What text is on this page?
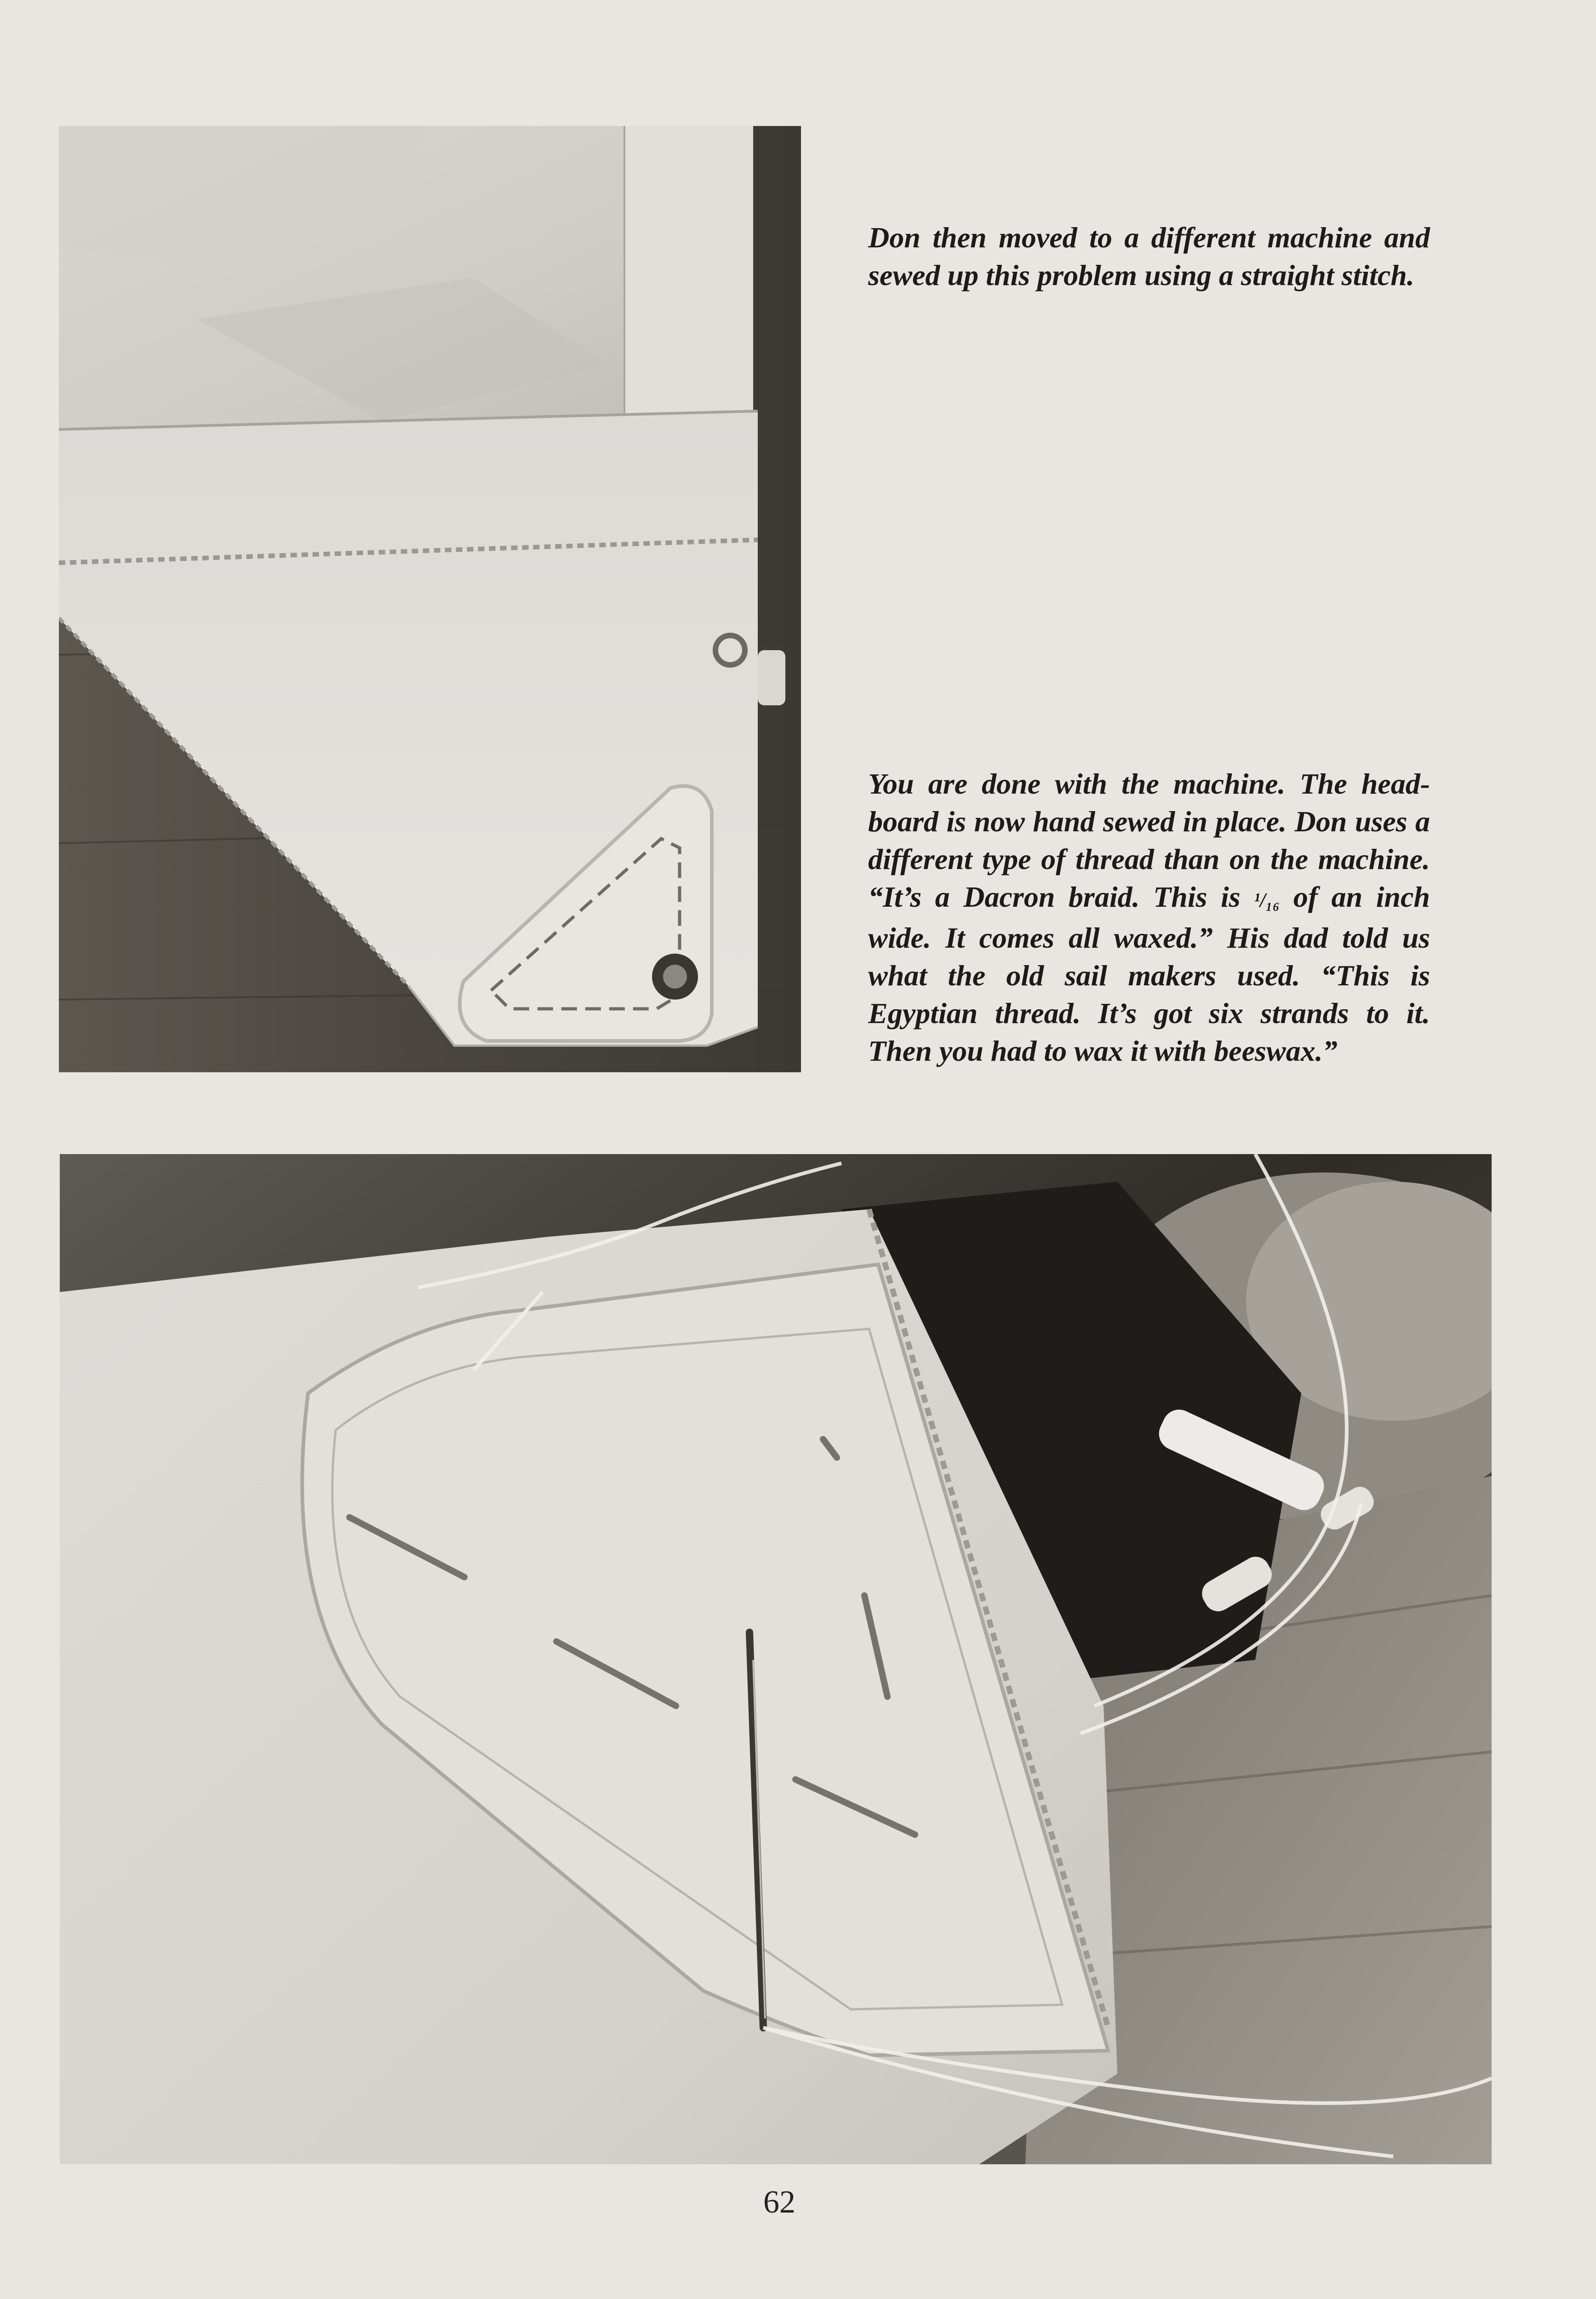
Don then moved to a different machine and sewed up this problem using a straight stitch.

You are done with the machine. The head-board is now hand sewed in place. Don uses a different type of thread than on the machine. “It’s a Dacron braid. This is ¹/₁₆ of an inch wide. It comes all waxed.” His dad told us what the old sail makers used. “This is Egyptian thread. It’s got six strands to it. Then you had to wax it with beeswax.”

62
